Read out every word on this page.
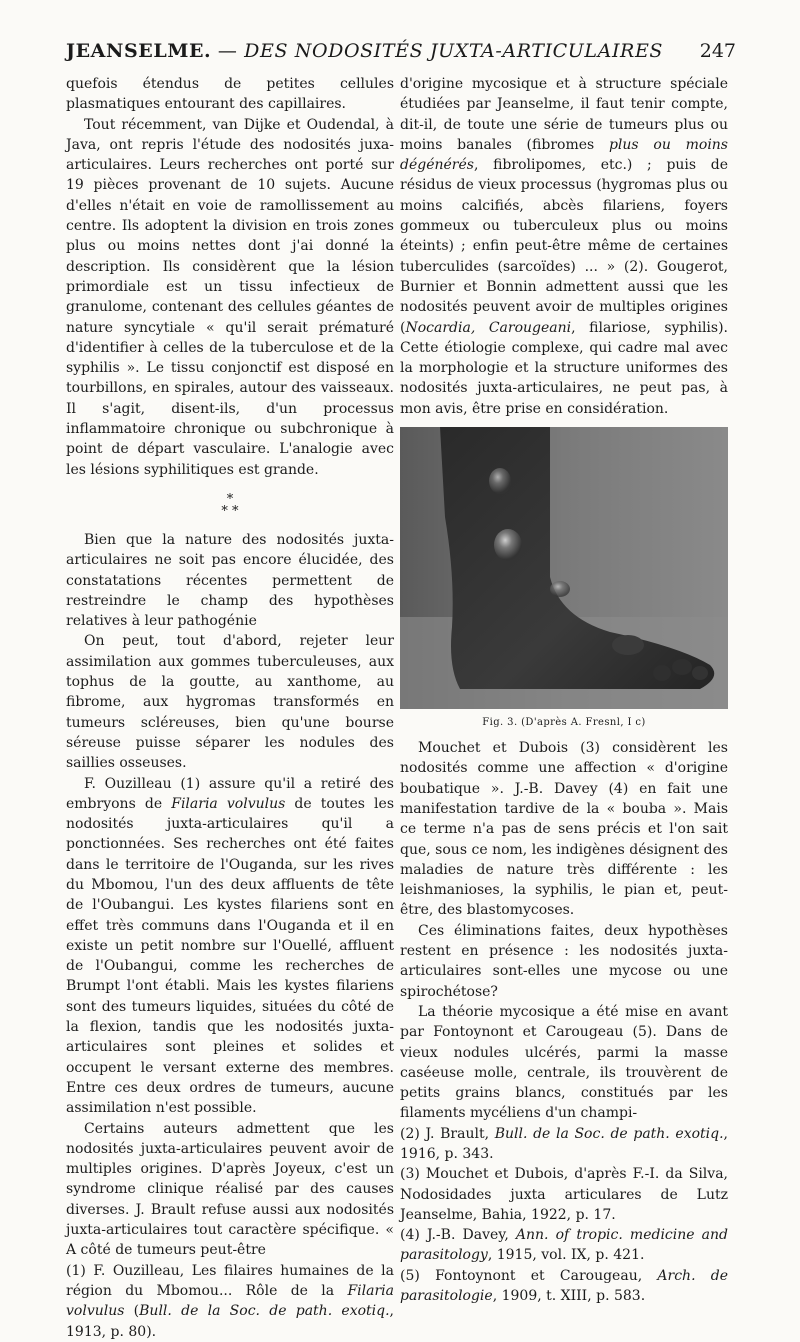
JEANSELME. — DES NODOSITÉS JUXTA-ARTICULAIRES 247

quefois étendus de petites cellules plasmatiques entourant des capillaires.

Tout récemment, van Dijke et Oudendal, à Java, ont repris l'étude des nodosités juxa-articulaires. Leurs recherches ont porté sur 19 pièces provenant de 10 sujets. Aucune d'elles n'était en voie de ramollissement au centre. Ils adoptent la division en trois zones plus ou moins nettes dont j'ai donné la description. Ils considèrent que la lésion primordiale est un tissu infectieux de granulome, contenant des cellules géantes de nature syncytiale « qu'il serait prématuré d'identifier à celles de la tuberculose et de la syphilis ». Le tissu conjonctif est disposé en tourbillons, en spirales, autour des vaisseaux. Il s'agit, disent-ils, d'un processus inflammatoire chronique ou subchronique à point de départ vasculaire. L'analogie avec les lésions syphilitiques est grande.

*
* *

Bien que la nature des nodosités juxta-articulaires ne soit pas encore élucidée, des constatations récentes permettent de restreindre le champ des hypothèses relatives à leur pathogénie

On peut, tout d'abord, rejeter leur assimilation aux gommes tuberculeuses, aux tophus de la goutte, au xanthome, au fibrome, aux hygromas transformés en tumeurs scléreuses, bien qu'une bourse séreuse puisse séparer les nodules des saillies osseuses.

F. Ouzilleau (1) assure qu'il a retiré des embryons de Filaria volvulus de toutes les nodosités juxta-articulaires qu'il a ponctionnées. Ses recherches ont été faites dans le territoire de l'Ouganda, sur les rives du Mbomou, l'un des deux affluents de tête de l'Oubangui. Les kystes filariens sont en effet très communs dans l'Ouganda et il en existe un petit nombre sur l'Ouellé, affluent de l'Oubangui, comme les recherches de Brumpt l'ont établi. Mais les kystes filariens sont des tumeurs liquides, situées du côté de la flexion, tandis que les nodosités juxta-articulaires sont pleines et solides et occupent le versant externe des membres. Entre ces deux ordres de tumeurs, aucune assimilation n'est possible.

Certains auteurs admettent que les nodosités juxta-articulaires peuvent avoir de multiples origines. D'après Joyeux, c'est un syndrome clinique réalisé par des causes diverses. J. Brault refuse aussi aux nodosités juxta-articulaires tout caractère spécifique. « A côté de tumeurs peut-être

(1) F. Ouzilleau, Les filaires humaines de la région du Mbomou... Rôle de la Filaria volvulus (Bull. de la Soc. de path. exotiq., 1913, p. 80).

d'origine mycosique et à structure spéciale étudiées par Jeanselme, il faut tenir compte, dit-il, de toute une série de tumeurs plus ou moins banales (fibromes plus ou moins dégénérés, fibrolipomes, etc.) ; puis de résidus de vieux processus (hygromas plus ou moins calcifiés, abcès filariens, foyers gommeux ou tuberculeux plus ou moins éteints) ; enfin peut-être même de certaines tuberculides (sarcoïdes) ... » (2). Gougerot, Burnier et Bonnin admettent aussi que les nodosités peuvent avoir de multiples origines (Nocardia, Carougeani, filariose, syphilis). Cette étiologie complexe, qui cadre mal avec la morphologie et la structure uniformes des nodosités juxta-articulaires, ne peut pas, à mon avis, être prise en considération.

Fig. 3. (D'après A. Fresnl, I c)

Mouchet et Dubois (3) considèrent les nodosités comme une affection « d'origine boubatique ». J.-B. Davey (4) en fait une manifestation tardive de la « bouba ». Mais ce terme n'a pas de sens précis et l'on sait que, sous ce nom, les indigènes désignent des maladies de nature très différente : les leishmanioses, la syphilis, le pian et, peut-être, des blastomycoses.

Ces éliminations faites, deux hypothèses restent en présence : les nodosités juxta-articulaires sont-elles une mycose ou une spirochétose?

La théorie mycosique a été mise en avant par Fontoynont et Carougeau (5). Dans de vieux nodules ulcérés, parmi la masse caséeuse molle, centrale, ils trouvèrent de petits grains blancs, constitués par les filaments mycéliens d'un champi-

(2) J. Brault, Bull. de la Soc. de path. exotiq., 1916, p. 343.

(3) Mouchet et Dubois, d'après F.-I. da Silva, Nodosidades juxta articulares de Lutz Jeanselme, Bahia, 1922, p. 17.

(4) J.-B. Davey, Ann. of tropic. medicine and parasitology, 1915, vol. IX, p. 421.

(5) Fontoynont et Carougeau, Arch. de parasitologie, 1909, t. XIII, p. 583.
